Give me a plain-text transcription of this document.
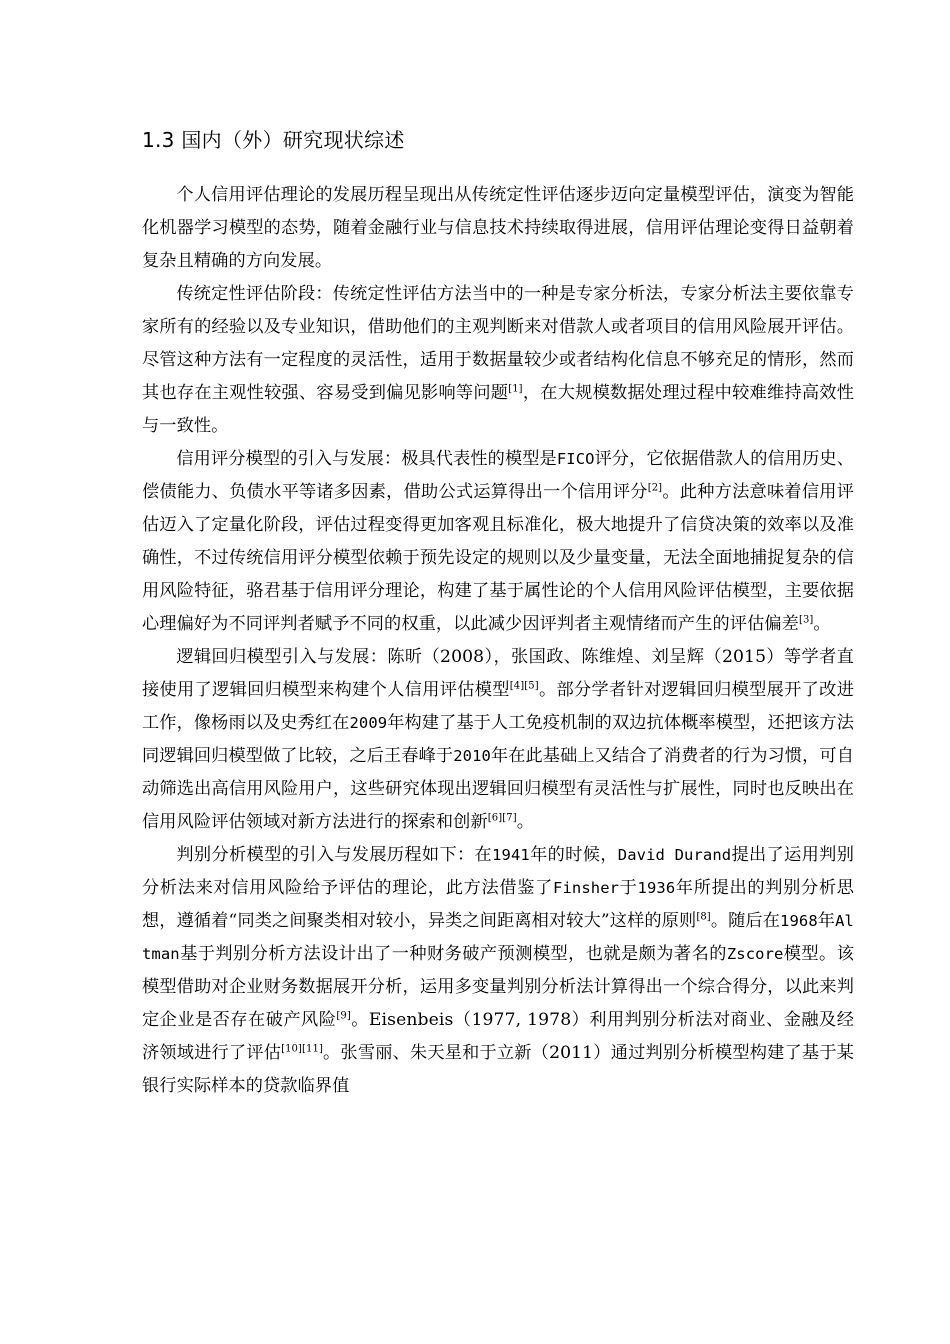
1.3 国内（外）研究现状综述

个人信用评估理论的发展历程呈现出从传统定性评估逐步迈向定量模型评估，演变为智能化机器学习模型的态势，随着金融行业与信息技术持续取得进展，信用评估理论变得日益朝着复杂且精确的方向发展。

传统定性评估阶段：传统定性评估方法当中的一种是专家分析法，专家分析法主要依靠专家所有的经验以及专业知识，借助他们的主观判断来对借款人或者项目的信用风险展开评估。尽管这种方法有一定程度的灵活性，适用于数据量较少或者结构化信息不够充足的情形，然而其也存在主观性较强、容易受到偏见影响等问题[1]，在大规模数据处理过程中较难维持高效性与一致性。

信用评分模型的引入与发展：极具代表性的模型是FICO评分，它依据借款人的信用历史、偿债能力、负债水平等诸多因素，借助公式运算得出一个信用评分[2]。此种方法意味着信用评估迈入了定量化阶段，评估过程变得更加客观且标准化，极大地提升了信贷决策的效率以及准确性，不过传统信用评分模型依赖于预先设定的规则以及少量变量，无法全面地捕捉复杂的信用风险特征，骆君基于信用评分理论，构建了基于属性论的个人信用风险评估模型，主要依据心理偏好为不同评判者赋予不同的权重，以此减少因评判者主观情绪而产生的评估偏差[3]。

逻辑回归模型引入与发展：陈昕（2008），张国政、陈维煌、刘呈辉（2015）等学者直接使用了逻辑回归模型来构建个人信用评估模型[4][5]。部分学者针对逻辑回归模型展开了改进工作，像杨雨以及史秀红在2009年构建了基于人工免疫机制的双边抗体概率模型，还把该方法同逻辑回归模型做了比较，之后王春峰于2010年在此基础上又结合了消费者的行为习惯，可自动筛选出高信用风险用户，这些研究体现出逻辑回归模型有灵活性与扩展性，同时也反映出在信用风险评估领域对新方法进行的探索和创新[6][7]。

判别分析模型的引入与发展历程如下：在1941年的时候，David Durand提出了运用判别分析法来对信用风险给予评估的理论，此方法借鉴了Finsher于1936年所提出的判别分析思想，遵循着“同类之间聚类相对较小，异类之间距离相对较大”这样的原则[8]。随后在1968年Altman基于判别分析方法设计出了一种财务破产预测模型，也就是颇为著名的Zscore模型。该模型借助对企业财务数据展开分析，运用多变量判别分析法计算得出一个综合得分，以此来判定企业是否存在破产风险[9]。Eisenbeis（1977, 1978）利用判别分析法对商业、金融及经济领域进行了评估[10][11]。张雪丽、朱天星和于立新（2011）通过判别分析模型构建了基于某银行实际样本的贷款临界值
